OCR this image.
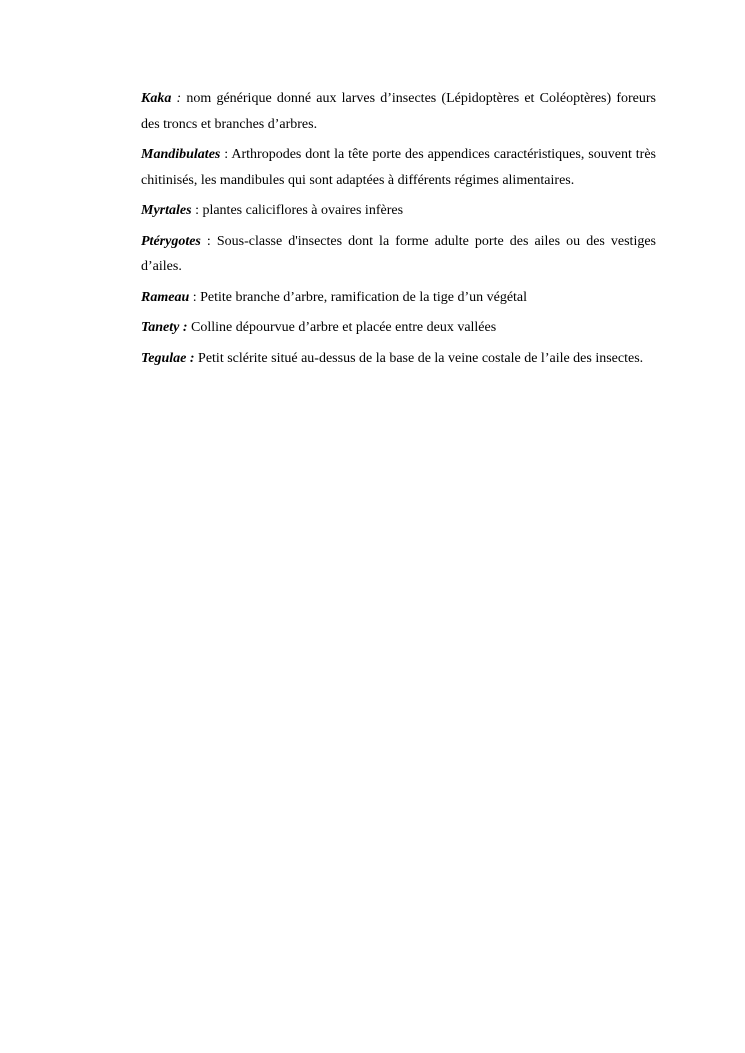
Kaka : nom générique donné aux larves d’insectes (Lépidoptères et Coléoptères) foreurs des troncs et branches d’arbres.

Mandibulates : Arthropodes dont la tête porte des appendices caractéristiques, souvent très chitinisés, les mandibules qui sont adaptées à différents régimes alimentaires.

Myrtales : plantes caliciflores à ovaires infères

Ptérygotes : Sous-classe d'insectes dont la forme adulte porte des ailes ou des vestiges d’ailes.

Rameau : Petite branche d’arbre, ramification de la tige d’un végétal

Tanety : Colline dépourvue d’arbre et placée entre deux vallées

Tegulae : Petit sclérite situé au-dessus de la base de la veine costale de l’aile des insectes.
